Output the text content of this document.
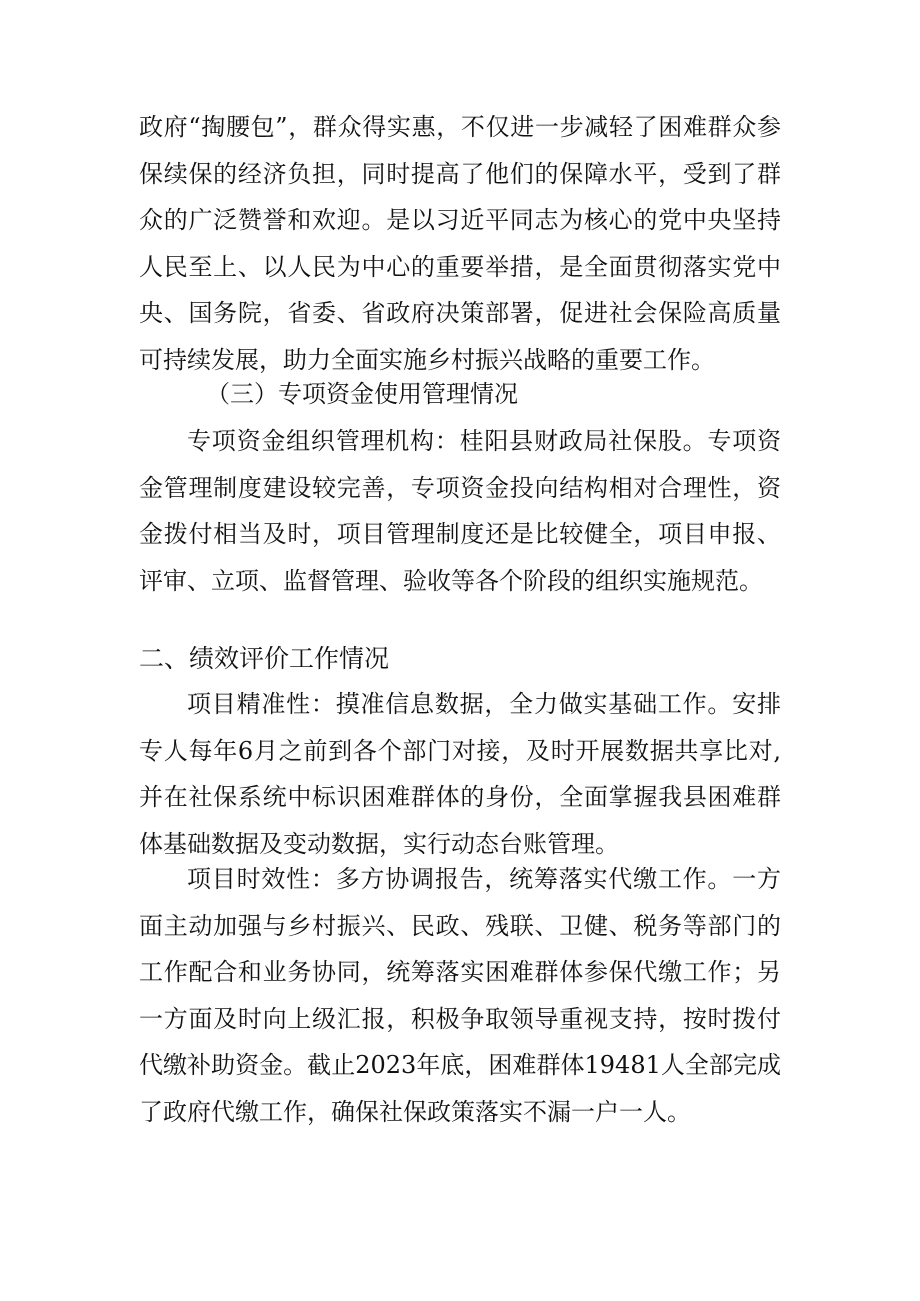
政府“掏腰包”，群众得实惠，不仅进一步减轻了困难群众参保续保的经济负担，同时提高了他们的保障水平，受到了群众的广泛赞誉和欢迎。是以习近平同志为核心的党中央坚持人民至上、以人民为中心的重要举措，是全面贯彻落实党中央、国务院，省委、省政府决策部署，促进社会保险高质量可持续发展，助力全面实施乡村振兴战略的重要工作。

（三）专项资金使用管理情况

专项资金组织管理机构：桂阳县财政局社保股。专项资金管理制度建设较完善，专项资金投向结构相对合理性，资金拨付相当及时，项目管理制度还是比较健全，项目申报、评审、立项、监督管理、验收等各个阶段的组织实施规范。

二、绩效评价工作情况

项目精准性：摸准信息数据，全力做实基础工作。安排专人每年6月之前到各个部门对接，及时开展数据共享比对,并在社保系统中标识困难群体的身份，全面掌握我县困难群体基础数据及变动数据，实行动态台账管理。

项目时效性：多方协调报告，统筹落实代缴工作。一方面主动加强与乡村振兴、民政、残联、卫健、税务等部门的工作配合和业务协同，统筹落实困难群体参保代缴工作；另一方面及时向上级汇报，积极争取领导重视支持，按时拨付代缴补助资金。截止2023年底，困难群体19481人全部完成了政府代缴工作，确保社保政策落实不漏一户一人。
